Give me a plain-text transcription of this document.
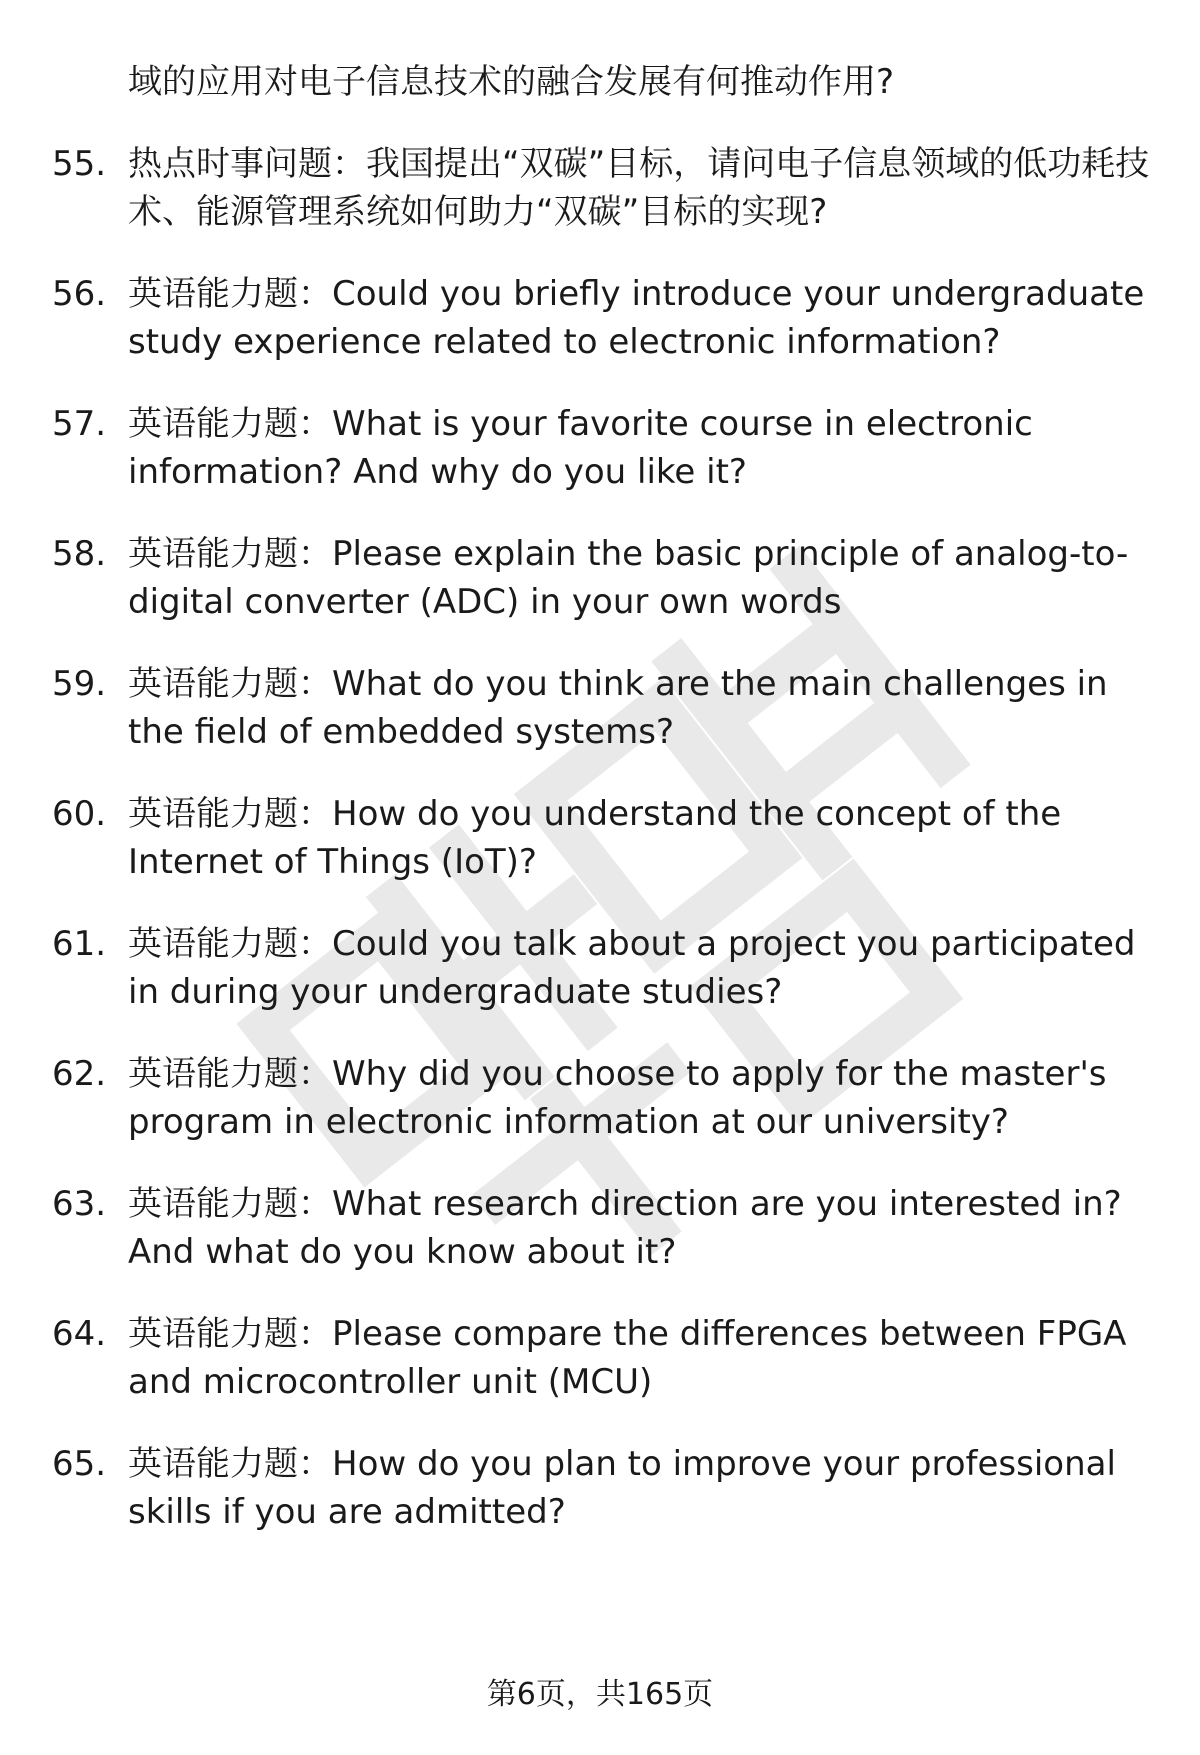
域的应用对电子信息技术的融合发展有何推动作用?
55. 热点时事问题：我国提出“双碳”目标，请问电子信息领域的低功耗技术、能源管理系统如何助力“双碳”目标的实现?
56. 英语能力题：Could you briefly introduce your undergraduate study experience related to electronic information?
57. 英语能力题：What is your favorite course in electronic information? And why do you like it?
58. 英语能力题：Please explain the basic principle of analog-to-digital converter (ADC) in your own words
59. 英语能力题：What do you think are the main challenges in the field of embedded systems?
60. 英语能力题：How do you understand the concept of the Internet of Things (IoT)?
61. 英语能力题：Could you talk about a project you participated in during your undergraduate studies?
62. 英语能力题：Why did you choose to apply for the master's program in electronic information at our university?
63. 英语能力题：What research direction are you interested in? And what do you know about it?
64. 英语能力题：Please compare the differences between FPGA and microcontroller unit (MCU)
65. 英语能力题：How do you plan to improve your professional skills if you are admitted?
第6页，共165页
